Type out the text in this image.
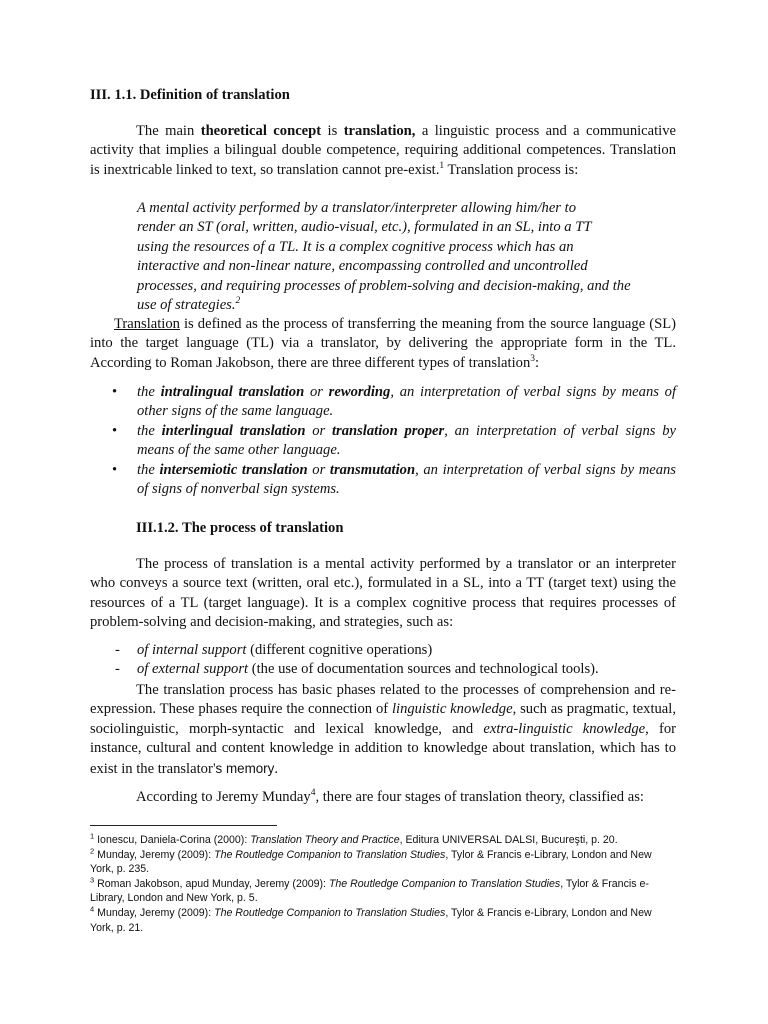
III. 1.1. Definition of translation
The main theoretical concept is translation, a linguistic process and a communicative activity that implies a bilingual double competence, requiring additional competences. Translation is inextricable linked to text, so translation cannot pre-exist.$^1$ Translation process is:

A mental activity performed by a translator/interpreter allowing him/her to

render an ST (oral, written, audio-visual, etc.), formulated in an SL, into a TT

using the resources of a TL. It is a complex cognitive process which has an

interactive and non-linear nature, encompassing controlled and uncontrolled

processes, and requiring processes of problem-solving and decision-making, and the

use of strategies.$^2$

Translation is defined as the process of transferring the meaning from the source language (SL) into the target language (TL) via a translator, by delivering the appropriate form in the TL. According to Roman Jakobson, there are three different types of translation$^3$:
• the intralingual translation or rewording, an interpretation of verbal signs by means of other signs of the same language.
• the interlingual translation or translation proper, an interpretation of verbal signs by means of the same other language.
• the intersemiotic translation or transmutation, an interpretation of verbal signs by means of signs of nonverbal sign systems.
III.1.2. The process of translation
The process of translation is a mental activity performed by a translator or an interpreter who conveys a source text (written, oral etc.), formulated in a SL, into a TT (target text) using the resources of a TL (target language). It is a complex cognitive process that requires processes of problem-solving and decision-making, and strategies, such as:
- of internal support (different cognitive operations)
- of external support (the use of documentation sources and technological tools).
The translation process has basic phases related to the processes of comprehension and re-expression. These phases require the connection of linguistic knowledge, such as pragmatic, textual, sociolinguistic, morph-syntactic and lexical knowledge, and extra-linguistic knowledge, for instance, cultural and content knowledge in addition to knowledge about translation, which has to exist in the translator’s memory.
According to Jeremy Munday$^4$, there are four stages of translation theory, classified as:

$^1$ Ionescu, Daniela-Corina (2000): Translation Theory and Practice, Editura UNIVERSAL DALSI, Bucureşti, p. 20.

$^2$ Munday, Jeremy (2009): The Routledge Companion to Translation Studies, Tylor & Francis e-Library, London and New York, p. 235.

$^3$ Roman Jakobson, apud Munday, Jeremy (2009): The Routledge Companion to Translation Studies, Tylor & Francis e-Library, London and New York, p. 5.

$^4$ Munday, Jeremy (2009): The Routledge Companion to Translation Studies, Tylor & Francis e-Library, London and New York, p. 21.
